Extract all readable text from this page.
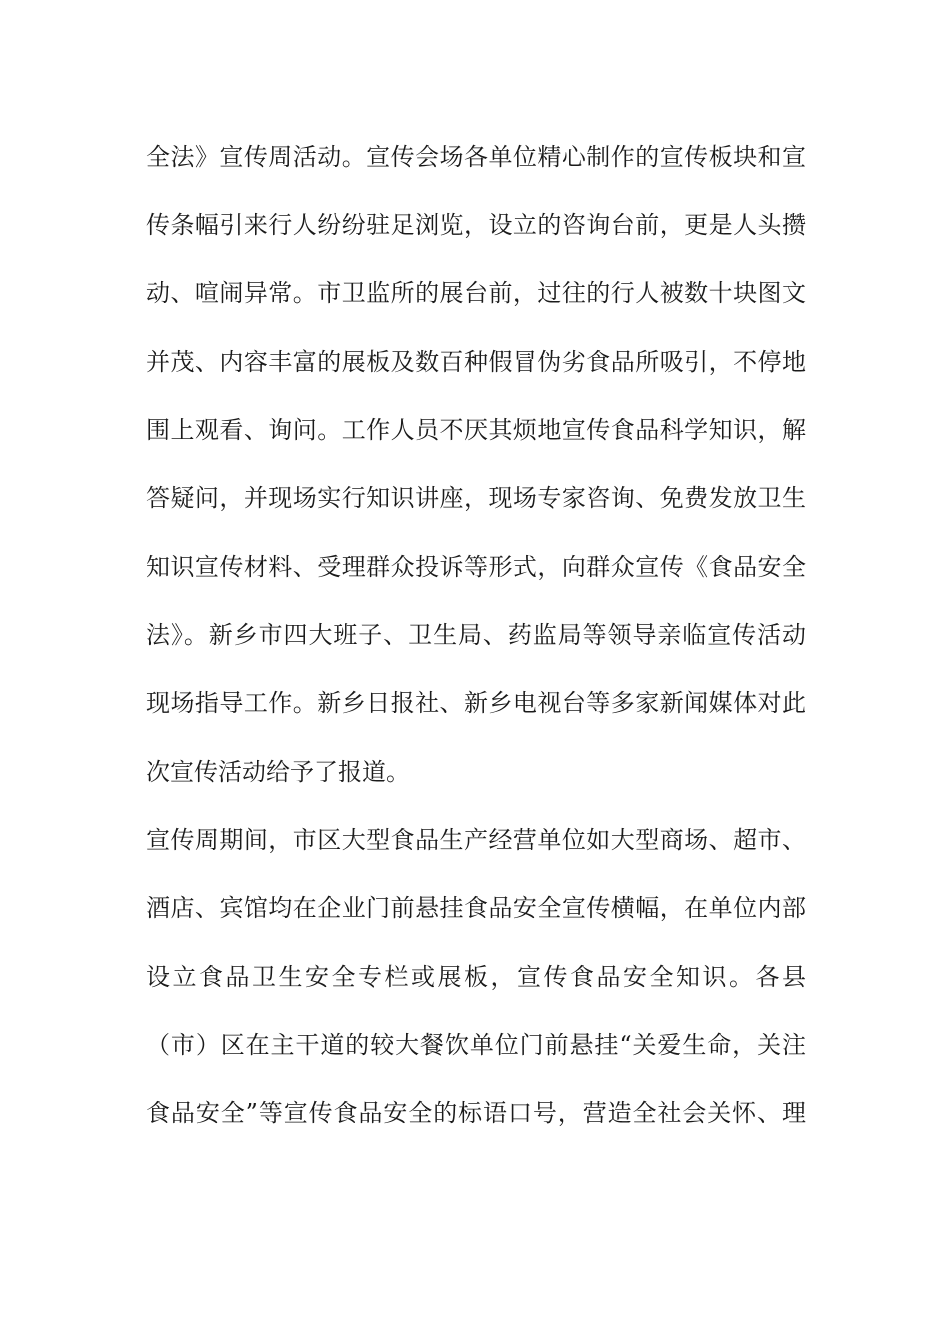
全法》宣传周活动。宣传会场各单位精心制作的宣传板块和宣
传条幅引来行人纷纷驻足浏览，设立的咨询台前，更是人头攒
动、喧闹异常。市卫监所的展台前，过往的行人被数十块图文
并茂、内容丰富的展板及数百种假冒伪劣食品所吸引，不停地
围上观看、询问。工作人员不厌其烦地宣传食品科学知识，解
答疑问，并现场实行知识讲座，现场专家咨询、免费发放卫生
知识宣传材料、受理群众投诉等形式，向群众宣传《食品安全
法》。新乡市四大班子、卫生局、药监局等领导亲临宣传活动
现场指导工作。新乡日报社、新乡电视台等多家新闻媒体对此
次宣传活动给予了报道。
宣传周期间，市区大型食品生产经营单位如大型商场、超市、
酒店、宾馆均在企业门前悬挂食品安全宣传横幅，在单位内部
设立食品卫生安全专栏或展板，宣传食品安全知识。各县
（市）区在主干道的较大餐饮单位门前悬挂“关爱生命，关注
食品安全”等宣传食品安全的标语口号，营造全社会关怀、理
